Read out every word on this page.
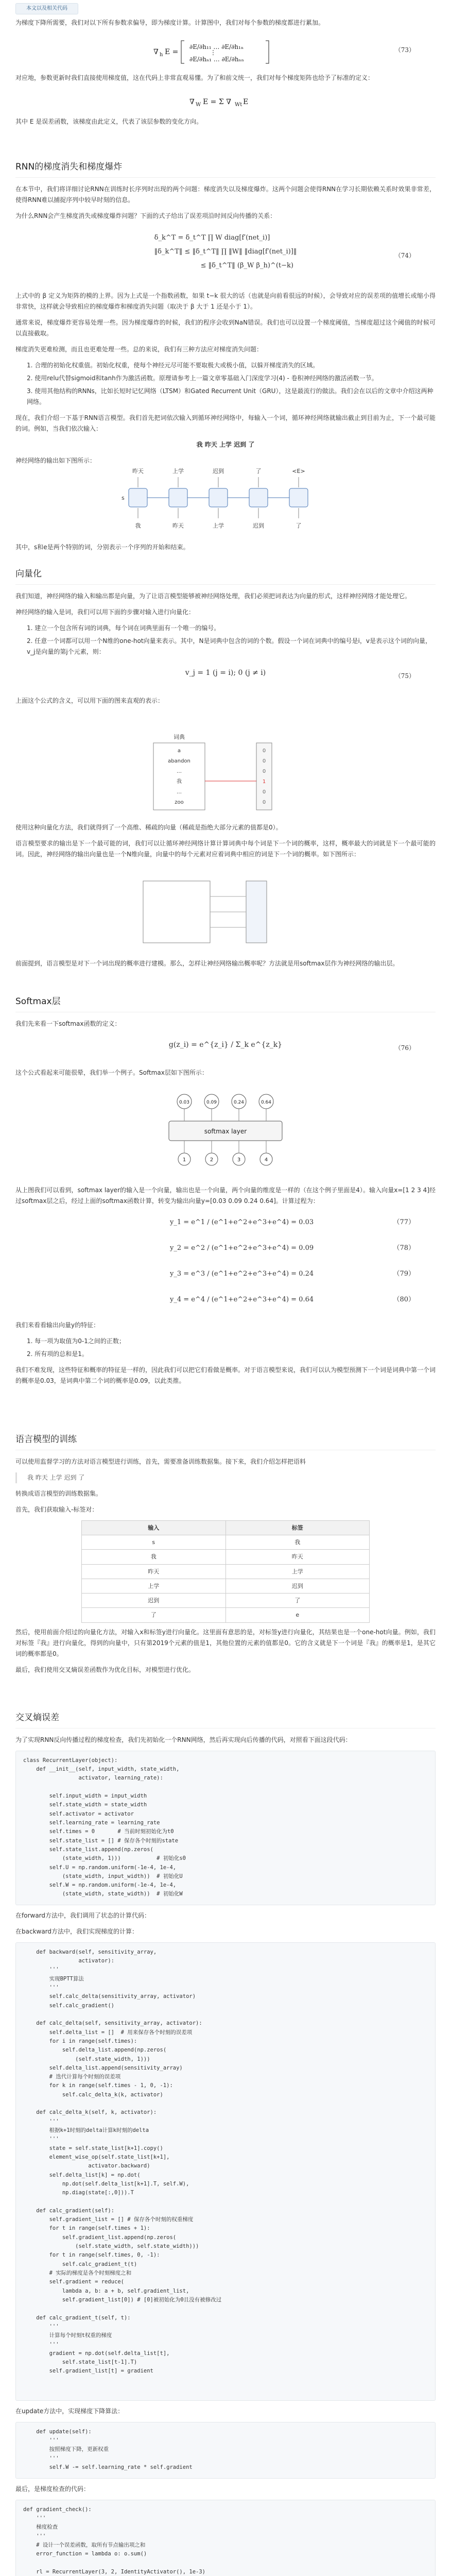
本文以及相关代码

为梯度下降所需要，我们对以下所有参数求偏导，即为梯度计算。计算图中，我们对每个参数的梯度都进行累加。

∇ h E =
∂E/∂h₁₁ … ∂E/∂h₁ₙ
⋮
∂E/∂hₙ₁ … ∂E/∂hₙₙ
（73）

对应地，参数更新时我们直接使用梯度值，这在代码上非常直观易懂。为了和前文统一，我们对每个梯度矩阵也给予了标准的定义：

∇ W E = Σ ∇ Wt E

其中 E 是误差函数，该梯度由此定义，代表了该层参数的变化方向。

RNN的梯度消失和梯度爆炸

在本节中，我们将详细讨论RNN在训练时长序列时出现的两个问题：梯度消失以及梯度爆炸。这两个问题会使得RNN在学习长期依赖关系时效果非常差，使得RNN难以捕捉序列中较早时刻的信息。

为什么RNN会产生梯度消失或梯度爆炸问题？下面的式子给出了误差项沿时间反向传播的关系：

δ_k^T = δ_t^T ∏ W diag[f′(net_i)]
‖δ_k^T‖ ≤ ‖δ_t^T‖ ∏ ‖W‖ ‖diag[f′(net_i)]‖
≤ ‖δ_t^T‖ (β_W β_h)^(t−k)
（74）

上式中的 β 定义为矩阵的模的上界。因为上式是一个指数函数，如果 t−k 很大的话（也就是向前看很远的时候），会导致对应的误差项的值增长或缩小得非常快，这样就会导致相应的梯度爆炸和梯度消失问题（取决于 β 大于 1 还是小于 1）。

通常来说，梯度爆炸更容易处理一些。因为梯度爆炸的时候，我们的程序会收到NaN错误。我们也可以设置一个梯度阈值，当梯度超过这个阈值的时候可以直接截取。

梯度消失更难检测，而且也更难处理一些。总的来说，我们有三种方法应对梯度消失问题：

1. 合理的初始化权重值。初始化权重，使每个神经元尽可能不要取极大或极小值，以躲开梯度消失的区域。
2. 使用relu代替sigmoid和tanh作为激活函数。原理请参考上一篇文章零基础入门深度学习(4) - 卷积神经网络的激活函数一节。
3. 使用其他结构的RNNs，比如长短时记忆网络（LTSM）和Gated Recurrent Unit（GRU），这是最流行的做法。我们会在以后的文章中介绍这两种网络。

现在，我们介绍一下基于RNN语言模型。我们首先把词依次输入到循环神经网络中，每输入一个词，循环神经网络就输出截止到目前为止，下一个最可能的词。例如，当我们依次输入：

我 昨天 上学 迟到 了

神经网络的输出如下图所示：

昨天
我
上学
昨天
迟到
上学
了
迟到
<E>
了
s

其中，s和e是两个特别的词，分别表示一个序列的开始和结束。

向量化

我们知道，神经网络的输入和输出都是向量，为了让语言模型能够被神经网络处理，我们必须把词表达为向量的形式，这样神经网络才能处理它。

神经网络的输入是词，我们可以用下面的步骤对输入进行向量化：

1. 建立一个包含所有词的词典，每个词在词典里面有一个唯一的编号。
2. 任意一个词都可以用一个N维的one-hot向量来表示。其中，N是词典中包含的词的个数。假设一个词在词典中的编号是i，v是表示这个词的向量，v_j是向量的第j个元素，则：
v_j = 1 (j = i); 0 (j ≠ i)	（75）

上面这个公式的含义，可以用下面的图来直观的表示：

词典
a	0
abandon	0
…	0
我	1
…	0
zoo	0

使用这种向量化方法，我们就得到了一个高维、稀疏的向量（稀疏是指绝大部分元素的值都是0）。

语言模型要求的输出是下一个最可能的词，我们可以让循环神经网络计算计算词典中每个词是下一个词的概率，这样，概率最大的词就是下一个最可能的词。因此，神经网络的输出向量也是一个N维向量，向量中的每个元素对应着词典中相应的词是下一个词的概率。如下图所示：

前面提到，语言模型是对下一个词出现的概率进行建模。那么，怎样让神经网络输出概率呢？方法就是用softmax层作为神经网络的输出层。

Softmax层

我们先来看一下softmax函数的定义：

g(z_i) = e^{z_i} / Σ_k e^{z_k}	（76）

这个公式看起来可能很晕，我们举一个例子。Softmax层如下图所示：

softmax layer
1
0.03
2
0.09
3
0.24
4
0.64

从上图我们可以看到，softmax layer的输入是一个向量，输出也是一个向量，两个向量的维度是一样的（在这个例子里面是4）。输入向量x=[1 2 3 4]经过softmax层之后，经过上面的softmax函数计算，转变为输出向量y=[0.03 0.09 0.24 0.64]。计算过程为：

y_1 = e^1 / (e^1+e^2+e^3+e^4) = 0.03	（77）
y_2 = e^2 / (e^1+e^2+e^3+e^4) = 0.09	（78）
y_3 = e^3 / (e^1+e^2+e^3+e^4) = 0.24	（79）
y_4 = e^4 / (e^1+e^2+e^3+e^4) = 0.64	（80）

我们来看看输出向量y的特征：

1. 每一项为取值为0-1之间的正数；
2. 所有项的总和是1。

我们不难发现，这些特征和概率的特征是一样的，因此我们可以把它们看做是概率。对于语言模型来说，我们可以认为模型预测下一个词是词典中第一个词的概率是0.03，是词典中第二个词的概率是0.09，以此类推。

语言模型的训练

可以使用监督学习的方法对语言模型进行训练，首先，需要准备训练数据集。接下来，我们介绍怎样把语料

我 昨天 上学 迟到 了

转换成语言模型的训练数据集。

首先，我们获取输入-标签对：

输入	标签
s	我
我	昨天
昨天	上学
上学	迟到
迟到	了
了	e

然后，使用前面介绍过的向量化方法，对输入x和标签y进行向量化。这里面有意思的是，对标签y进行向量化，其结果也是一个one-hot向量。例如，我们对标签『我』进行向量化，得到的向量中，只有第2019个元素的值是1，其他位置的元素的值都是0。它的含义就是下一个词是『我』的概率是1，是其它词的概率都是0。

最后，我们使用交叉熵误差函数作为优化目标，对模型进行优化。

交叉熵误差

为了实现RNN反向传播过程的梯度检查，我们先初始化一个RNN网络，然后再实现向后传播的代码，对照看下面这段代码：

class RecurrentLayer(object):
def __init__(self, input_width, state_width,
activator, learning_rate):

self.input_width = input_width
self.state_width = state_width
self.activator = activator
self.learning_rate = learning_rate
self.times = 0       # 当前时刻初始化为t0
self.state_list = [] # 保存各个时刻的state
self.state_list.append(np.zeros(
(state_width, 1)))           # 初始化s0
self.U = np.random.uniform(-1e-4, 1e-4,
(state_width, input_width))  # 初始化U
self.W = np.random.uniform(-1e-4, 1e-4,
(state_width, state_width))  # 初始化W

在forward方法中，我们调用了状态的计算代码：

在backward方法中，我们实现梯度的计算：

def backward(self, sensitivity_array,
activator):
'''
实现BPTT算法
'''
self.calc_delta(sensitivity_array, activator)
self.calc_gradient()

def calc_delta(self, sensitivity_array, activator):
self.delta_list = []  # 用来保存各个时刻的误差项
for i in range(self.times):
self.delta_list.append(np.zeros(
(self.state_width, 1)))
self.delta_list.append(sensitivity_array)
# 迭代计算每个时刻的误差项
for k in range(self.times - 1, 0, -1):
self.calc_delta_k(k, activator)

def calc_delta_k(self, k, activator):
'''
根据k+1时刻的delta计算k时刻的delta
'''
state = self.state_list[k+1].copy()
element_wise_op(self.state_list[k+1],
activator.backward)
self.delta_list[k] = np.dot(
np.dot(self.delta_list[k+1].T, self.W),
np.diag(state[:,0])).T

def calc_gradient(self):
self.gradient_list = [] # 保存各个时刻的权重梯度
for t in range(self.times + 1):
self.gradient_list.append(np.zeros(
(self.state_width, self.state_width)))
for t in range(self.times, 0, -1):
self.calc_gradient_t(t)
# 实际的梯度是各个时刻梯度之和
self.gradient = reduce(
lambda a, b: a + b, self.gradient_list,
self.gradient_list[0]) # [0]被初始化为0且没有被修改过

def calc_gradient_t(self, t):
'''
计算每个时刻t权重的梯度
'''
gradient = np.dot(self.delta_list[t],
self.state_list[t-1].T)
self.gradient_list[t] = gradient

在update方法中，实现梯度下降算法：

def update(self):
'''
按照梯度下降，更新权重
'''
self.W -= self.learning_rate * self.gradient

最后，是梯度检查的代码：

def gradient_check():
'''
梯度检查
'''
# 设计一个误差函数，取所有节点输出项之和
error_function = lambda o: o.sum()

rl = RecurrentLayer(3, 2, IdentityActivator(), 1e-3)
